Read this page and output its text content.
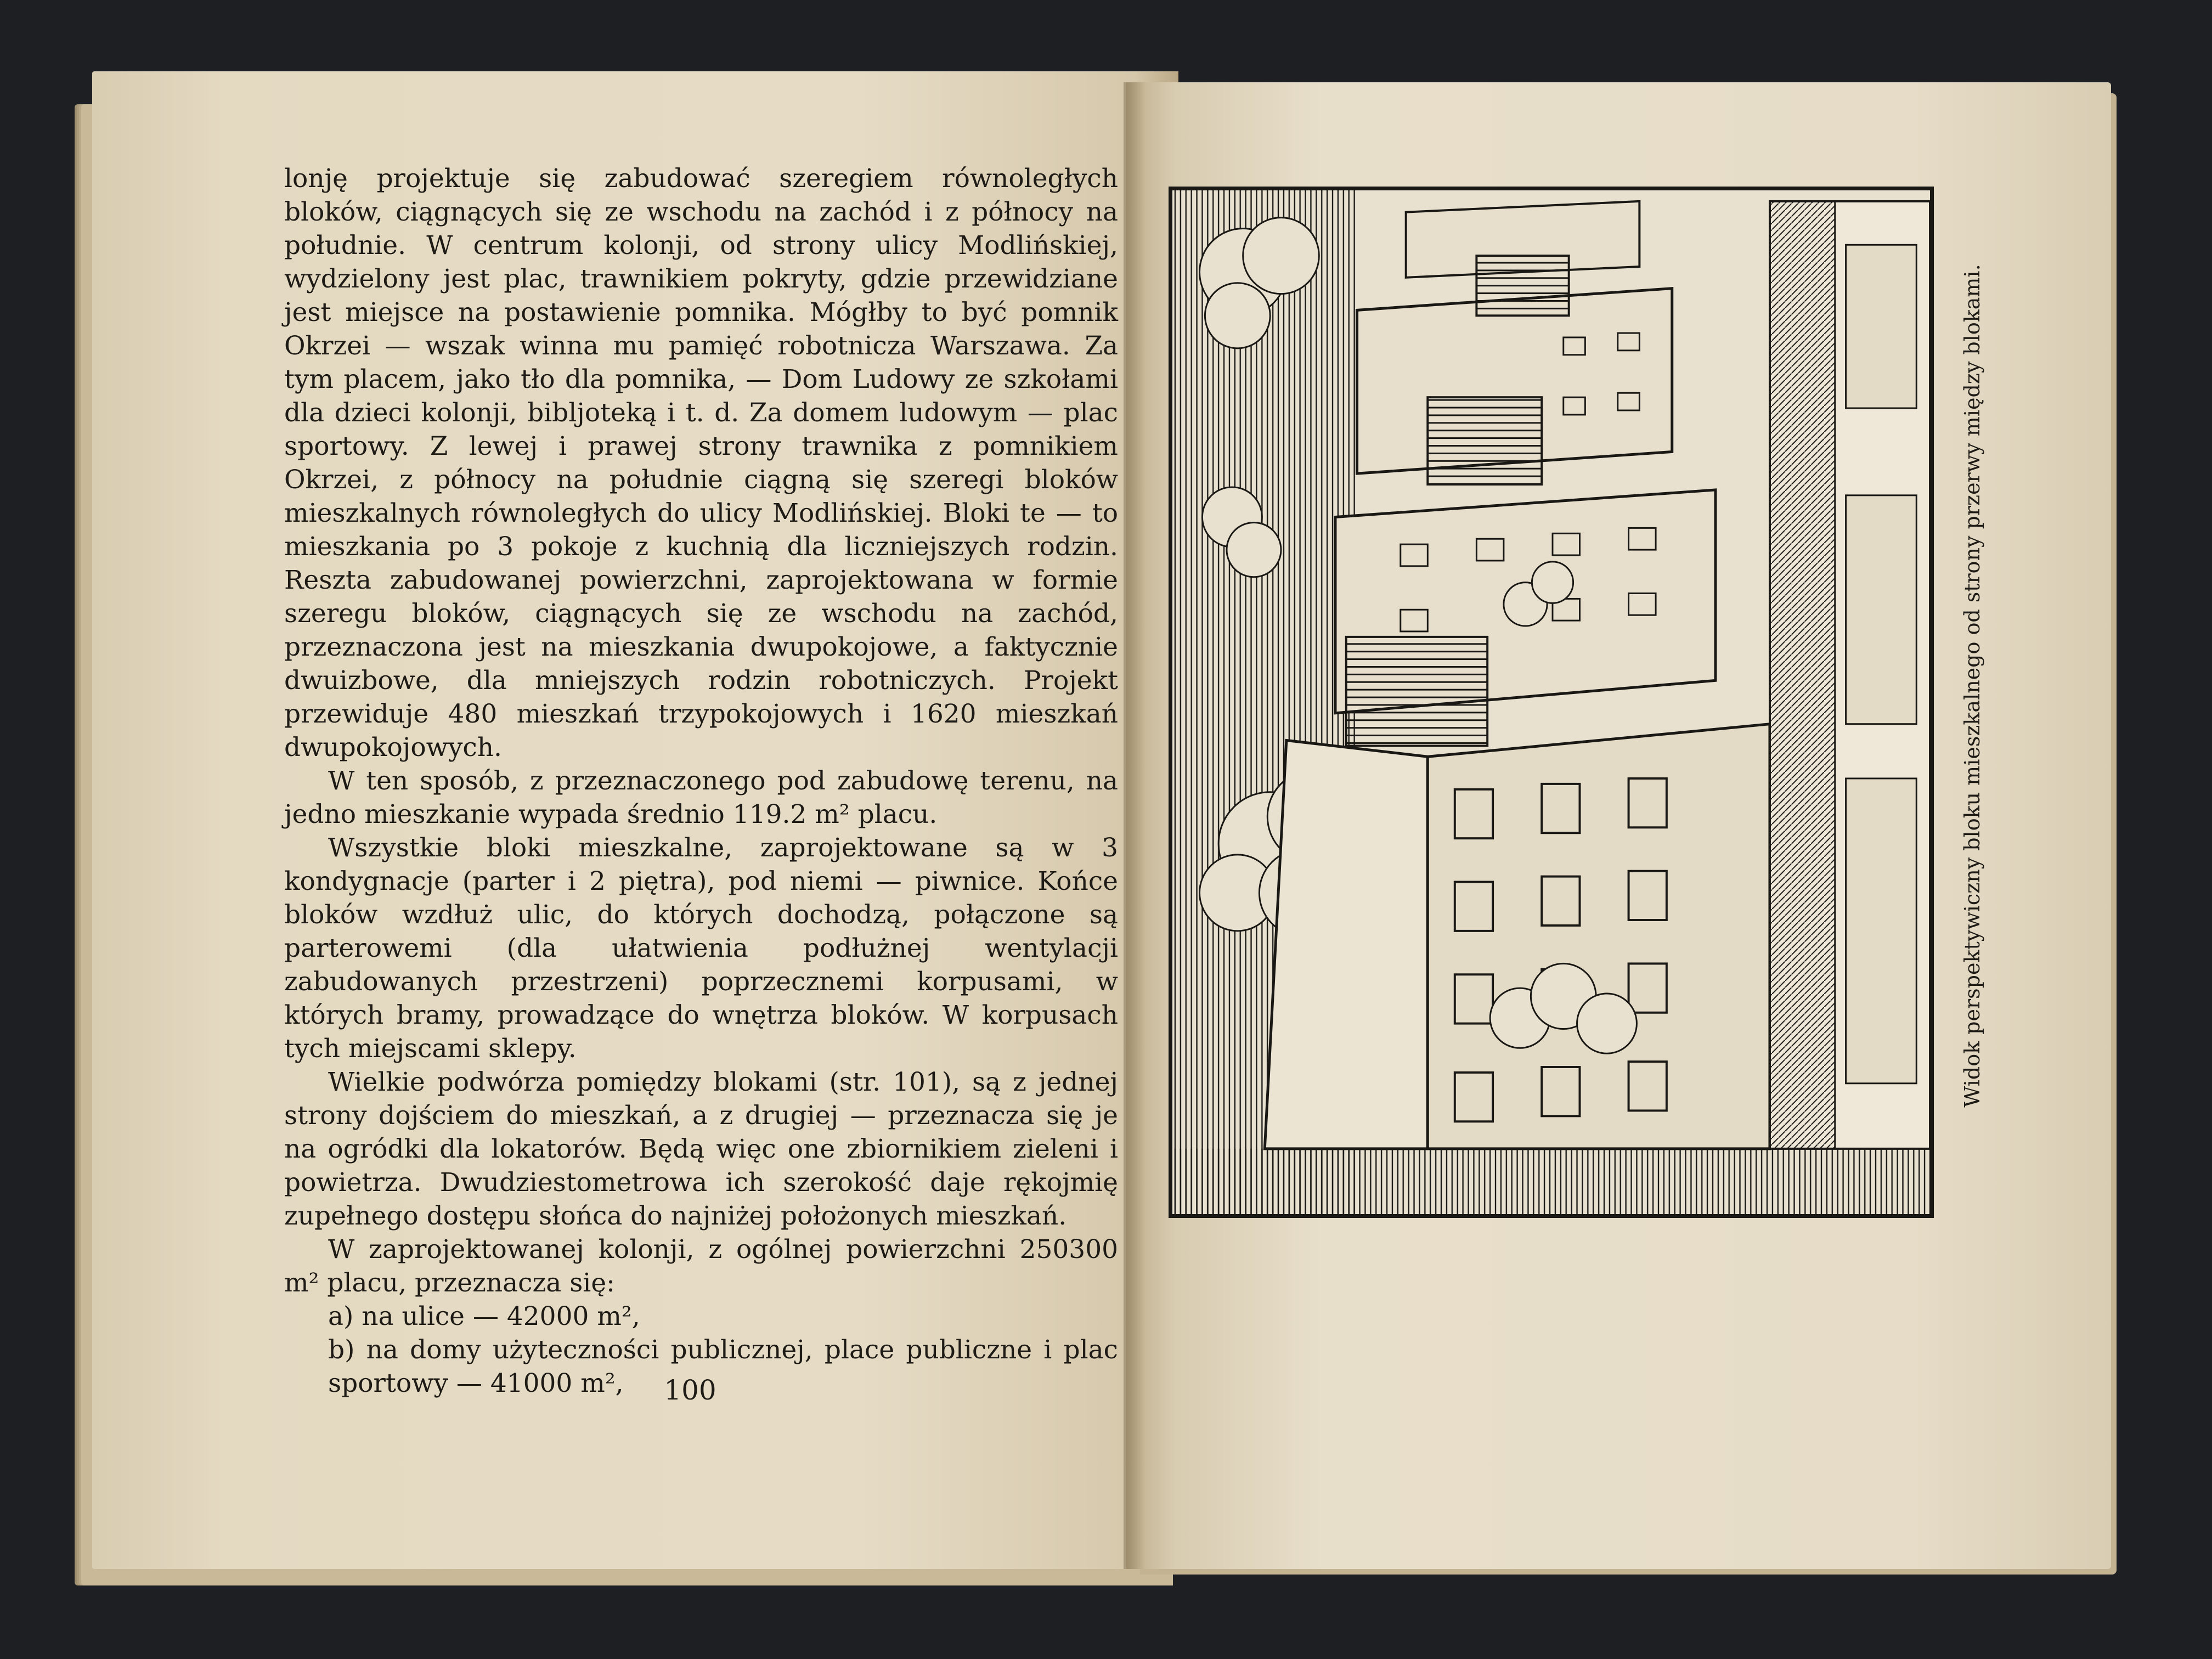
lonję projektuje się zabudować szeregiem równoległych bloków, ciągnących się ze wschodu na zachód i z północy na południe. W centrum kolonji, od strony ulicy Modlińskiej, wydzielony jest plac, trawnikiem pokryty, gdzie przewidziane jest miejsce na postawienie pomnika. Mógłby to być pomnik Okrzei — wszak winna mu pamięć robotnicza Warszawa. Za tym placem, jako tło dla pomnika, — Dom Ludowy ze szkołami dla dzieci kolonji, bibljoteką i t. d. Za domem ludowym — plac sportowy. Z lewej i prawej strony trawnika z pomnikiem Okrzei, z północy na południe ciągną się szeregi bloków mieszkalnych równoległych do ulicy Modlińskiej. Bloki te — to mieszkania po 3 pokoje z kuchnią dla liczniejszych rodzin. Reszta zabudowanej powierzchni, zaprojektowana w formie szeregu bloków, ciągnących się ze wschodu na zachód, przeznaczona jest na mieszkania dwupokojowe, a faktycznie dwuizbowe, dla mniejszych rodzin robotniczych. Projekt przewiduje 480 mieszkań trzypokojowych i 1620 mieszkań dwupokojowych.

W ten sposób, z przeznaczonego pod zabudowę terenu, na jedno mieszkanie wypada średnio 119.2 m² placu.

Wszystkie bloki mieszkalne, zaprojektowane są w 3 kondygnacje (parter i 2 piętra), pod niemi — piwnice. Końce bloków wzdłuż ulic, do których dochodzą, połączone są parterowemi (dla ułatwienia podłużnej wentylacji zabudowanych przestrzeni) poprzecznemi korpusami, w których bramy, prowadzące do wnętrza bloków. W korpusach tych miejscami sklepy.

Wielkie podwórza pomiędzy blokami (str. 101), są z jednej strony dojściem do mieszkań, a z drugiej — przeznacza się je na ogródki dla lokatorów. Będą więc one zbiornikiem zieleni i powietrza. Dwudziestometrowa ich szerokość daje rękojmię zupełnego dostępu słońca do najniżej położonych mieszkań.

W zaprojektowanej kolonji, z ogólnej powierzchni 250300 m² placu, przeznacza się:

a) na ulice — 42000 m²,

b) na domy użyteczności publicznej, place publiczne i plac sportowy — 41000 m²,	100
Widok perspektywiczny bloku mieszkalnego od strony przerwy między blokami.
